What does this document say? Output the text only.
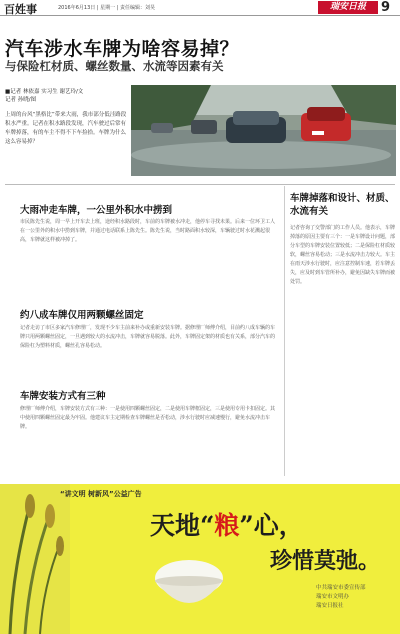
百姓事	2016年6月13日 | 星期一 | 责任编辑：刘昊	瑞安日报	9
汽车涉水车牌为啥容易掉？
与保险杠材质、螺丝数量、水流等因素有关
■记者 林依嘉 实习生 谢艺玲/文
记者 孙晓/图
上周的台风“黑格比”带来大雨，我市部分低洼路段积水严重。记者在积水路段发现，汽车驶过后常有车牌掉落，有的车主不得不下车捡拾。车牌为什么这么容易掉？
大雨冲走车牌，一公里外积水中捞到
市民陈先生说，周一早上开车去上班，途经积水路段时，车前的车牌被水冲走，他停车寻找未果。后来一位环卫工人在一公里外的积水中捞到车牌，并通过电话联系上陈先生。陈先生说，当时路面积水较深，车辆驶过时水花溅起很高，车牌就这样被冲掉了。
约八成车牌仅用两颗螺丝固定
记者走访了市区多家汽车修理厂，发现不少车主前来补办或重新安装车牌。据修理厂师傅介绍，目前约八成车辆的车牌只用两颗螺丝固定，一旦遇到较大的水流冲击，车牌就容易脱落。此外，车牌固定架的材质也有关系，部分汽车的保险杠为塑料材质，螺丝孔容易松动。
车牌安装方式有三种
修理厂师傅介绍，车牌安装方式有三种：一是使用四颗螺丝固定，二是使用车牌框固定，三是使用专用卡扣固定。其中使用四颗螺丝固定最为牢固。他建议车主定期检查车牌螺丝是否松动，涉水行驶时应减速慢行，避免水流冲击车牌。
车牌掉落和设计、材质、水流有关
记者咨询了交警部门的工作人员。他表示，车牌掉落的原因主要有三个：一是车牌设计问题，部分车型的车牌安装位置较低；二是保险杠材质较软，螺丝容易松动；三是水流冲击力较大。车主在雨天涉水行驶时，应注意控制车速，若车牌丢失，应及时到车管所补办，避免因缺失车牌而被处罚。
“讲文明 树新风”公益广告
天地“粮”心，
珍惜莫弛。
中共瑞安市委宣传部
瑞安市文明办
瑞安日报社
